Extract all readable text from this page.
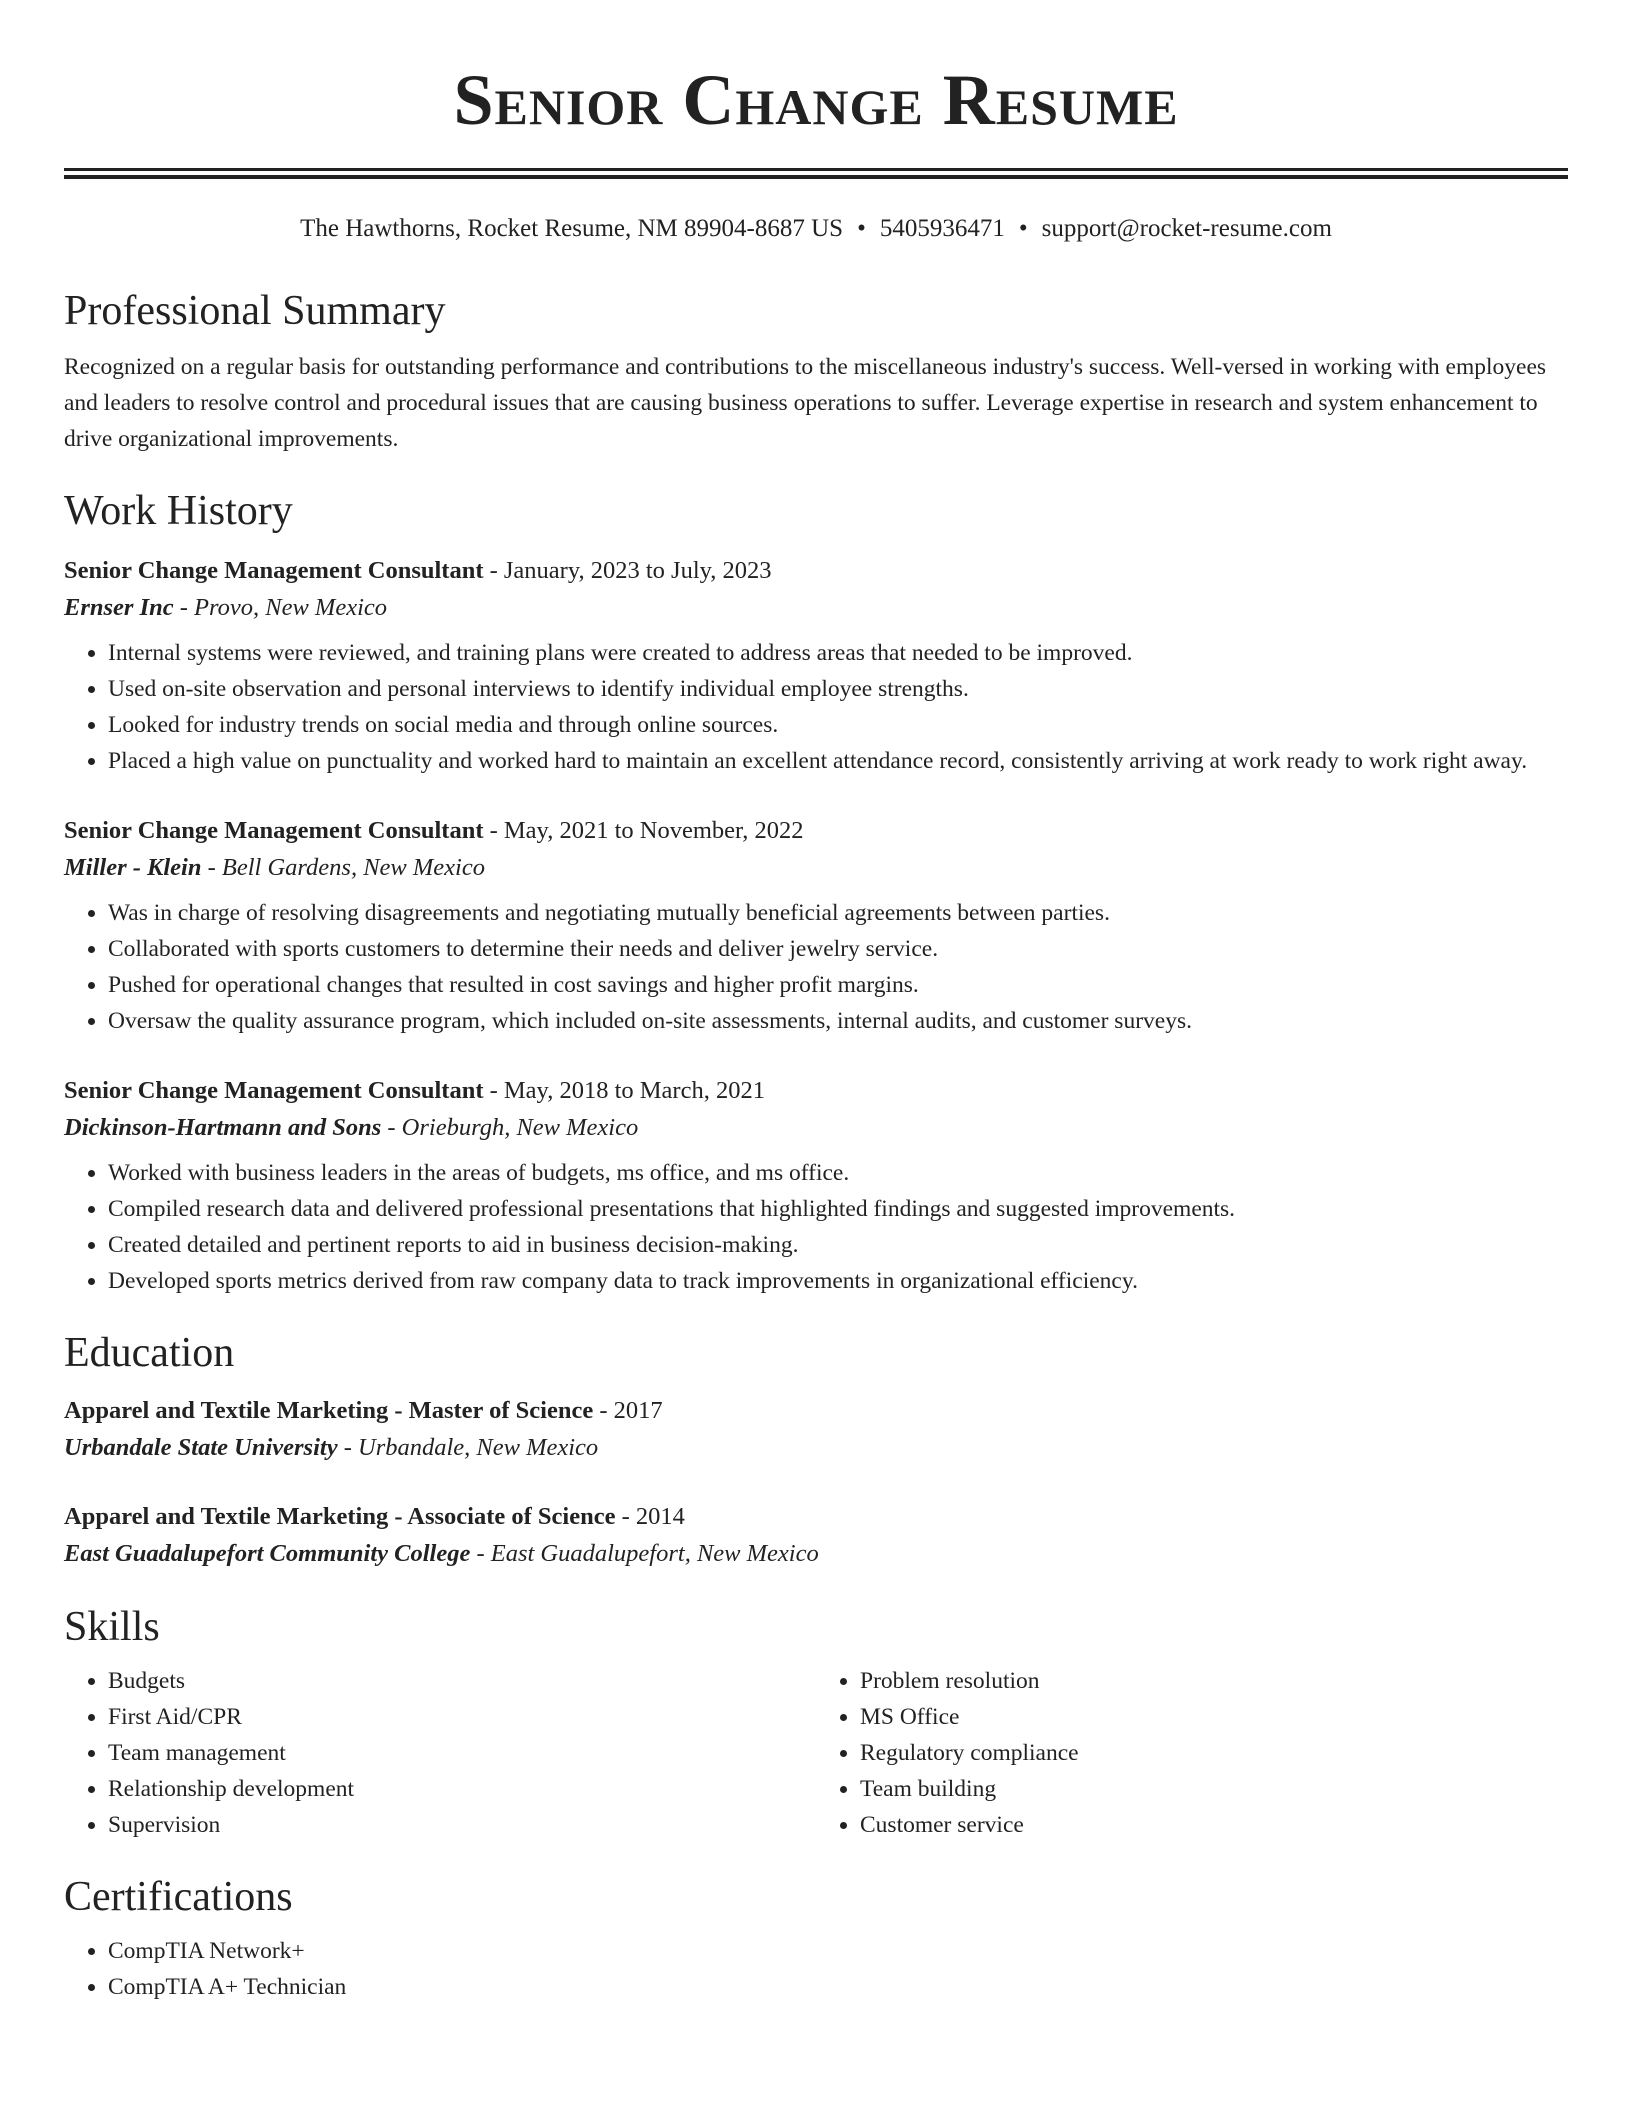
Senior Change Resume
The Hawthorns, Rocket Resume, NM 89904-8687 US • 5405936471 • support@rocket-resume.com
Professional Summary
Recognized on a regular basis for outstanding performance and contributions to the miscellaneous industry's success. Well-versed in working with employees and leaders to resolve control and procedural issues that are causing business operations to suffer. Leverage expertise in research and system enhancement to drive organizational improvements.
Work History
Senior Change Management Consultant - January, 2023 to July, 2023
Ernser Inc - Provo, New Mexico
• Internal systems were reviewed, and training plans were created to address areas that needed to be improved.
• Used on-site observation and personal interviews to identify individual employee strengths.
• Looked for industry trends on social media and through online sources.
• Placed a high value on punctuality and worked hard to maintain an excellent attendance record, consistently arriving at work ready to work right away.
Senior Change Management Consultant - May, 2021 to November, 2022
Miller - Klein - Bell Gardens, New Mexico
• Was in charge of resolving disagreements and negotiating mutually beneficial agreements between parties.
• Collaborated with sports customers to determine their needs and deliver jewelry service.
• Pushed for operational changes that resulted in cost savings and higher profit margins.
• Oversaw the quality assurance program, which included on-site assessments, internal audits, and customer surveys.
Senior Change Management Consultant - May, 2018 to March, 2021
Dickinson-Hartmann and Sons - Orieburgh, New Mexico
• Worked with business leaders in the areas of budgets, ms office, and ms office.
• Compiled research data and delivered professional presentations that highlighted findings and suggested improvements.
• Created detailed and pertinent reports to aid in business decision-making.
• Developed sports metrics derived from raw company data to track improvements in organizational efficiency.
Education
Apparel and Textile Marketing - Master of Science - 2017
Urbandale State University - Urbandale, New Mexico
Apparel and Textile Marketing - Associate of Science - 2014
East Guadalupefort Community College - East Guadalupefort, New Mexico
Skills
• Budgets
• First Aid/CPR
• Team management
• Relationship development
• Supervision
• Problem resolution
• MS Office
• Regulatory compliance
• Team building
• Customer service
Certifications
• CompTIA Network+
• CompTIA A+ Technician
